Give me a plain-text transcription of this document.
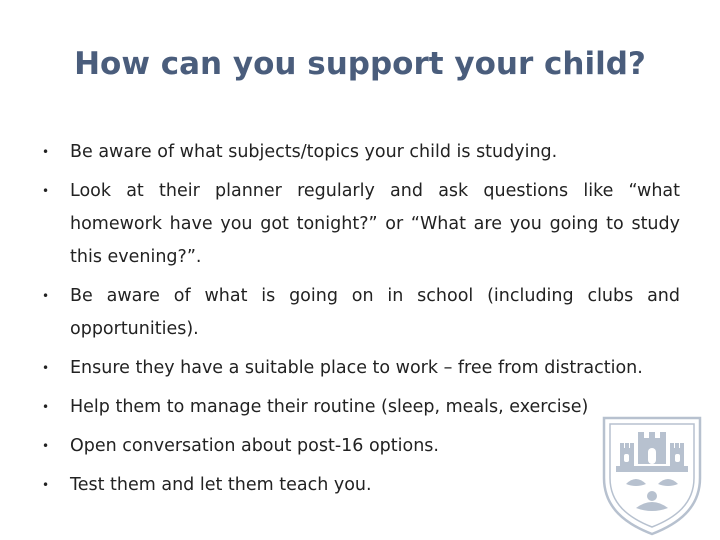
How can you support your child?
• Be aware of what subjects/topics your child is studying.
• Look at their planner regularly and ask questions like “what homework have you got tonight?” or “What are you going to study this evening?”.
• Be aware of what is going on in school (including clubs and opportunities).
• Ensure they have a suitable place to work – free from distraction.
• Help them to manage their routine (sleep, meals, exercise)
• Open conversation about post-16 options.
• Test them and let them teach you.
